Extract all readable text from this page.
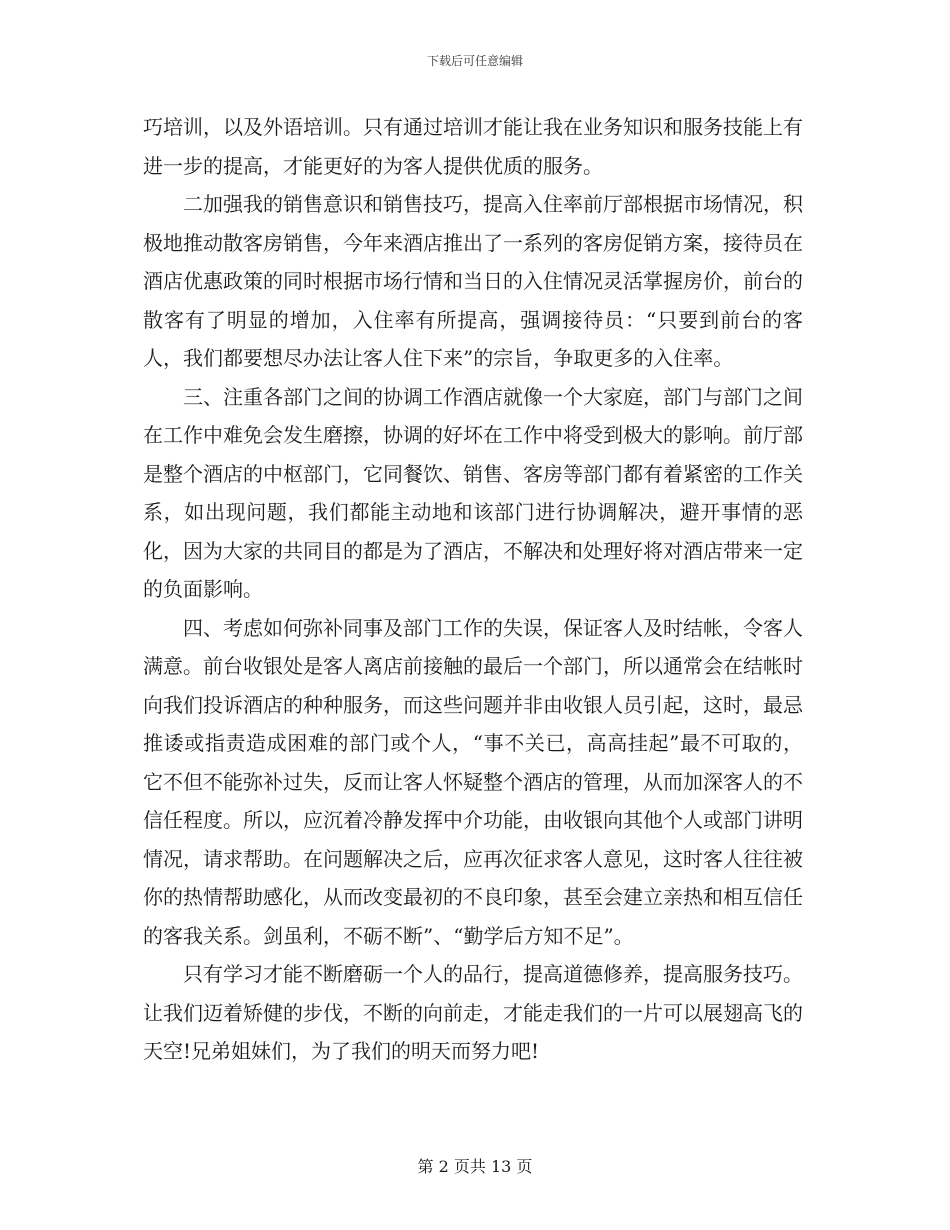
下载后可任意编辑

巧培训，以及外语培训。只有通过培训才能让我在业务知识和服务技能上有进一步的提高，才能更好的为客人提供优质的服务。

二加强我的销售意识和销售技巧，提高入住率前厅部根据市场情况，积极地推动散客房销售，今年来酒店推出了一系列的客房促销方案，接待员在酒店优惠政策的同时根据市场行情和当日的入住情况灵活掌握房价，前台的散客有了明显的增加，入住率有所提高，强调接待员：“只要到前台的客人，我们都要想尽办法让客人住下来”的宗旨，争取更多的入住率。

三、注重各部门之间的协调工作酒店就像一个大家庭，部门与部门之间在工作中难免会发生磨擦，协调的好坏在工作中将受到极大的影响。前厅部是整个酒店的中枢部门，它同餐饮、销售、客房等部门都有着紧密的工作关系，如出现问题，我们都能主动地和该部门进行协调解决，避开事情的恶化，因为大家的共同目的都是为了酒店，不解决和处理好将对酒店带来一定的负面影响。

四、考虑如何弥补同事及部门工作的失误，保证客人及时结帐，令客人满意。前台收银处是客人离店前接触的最后一个部门，所以通常会在结帐时向我们投诉酒店的种种服务，而这些问题并非由收银人员引起，这时，最忌推诿或指责造成困难的部门或个人，“事不关已，高高挂起”最不可取的，它不但不能弥补过失，反而让客人怀疑整个酒店的管理，从而加深客人的不信任程度。所以，应沉着冷静发挥中介功能，由收银向其他个人或部门讲明情况，请求帮助。在问题解决之后，应再次征求客人意见，这时客人往往被你的热情帮助感化，从而改变最初的不良印象，甚至会建立亲热和相互信任的客我关系。剑虽利，不砺不断”、“勤学后方知不足”。

只有学习才能不断磨砺一个人的品行，提高道德修养，提高服务技巧。让我们迈着矫健的步伐，不断的向前走，才能走我们的一片可以展翅高飞的天空!兄弟姐妹们，为了我们的明天而努力吧!

第 2 页共 13 页
